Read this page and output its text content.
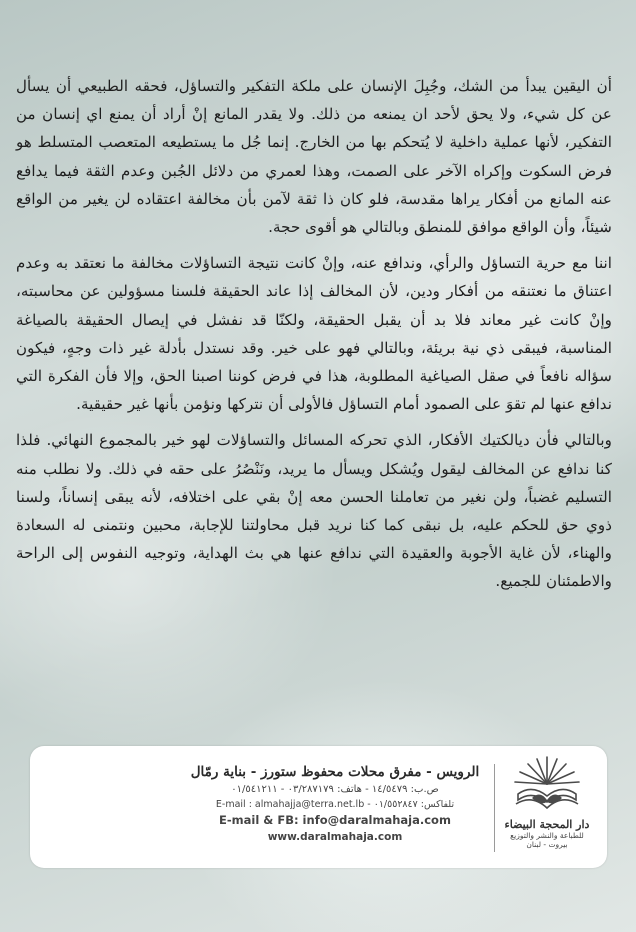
أن اليقين يبدأ من الشك، وجُبِلَ الإنسان على ملكة التفكير والتساؤل، فحقه الطبيعي أن يسأل عن كل شيء، ولا يحق لأحد ان يمنعه من ذلك. ولا يقدر المانع إنْ أراد أن يمنع اي إنسان من التفكير، لأنها عملية داخلية لا يُتحكم بها من الخارج. إنما جُل ما يستطيعه المتعصب المتسلط هو فرض السكوت وإكراه الآخر على الصمت، وهذا لعمري من دلائل الجُبن وعدم الثقة فيما يدافع عنه المانع من أفكار يراها مقدسة، فلو كان ذا ثقة لآمن بأن مخالفة اعتقاده لن يغير من الواقع شيئاً، وأن الواقع موافق للمنطق وبالتالي هو أقوى حجة.

اننا مع حرية التساؤل والرأي، وندافع عنه، وإنْ كانت نتيجة التساؤلات مخالفة ما نعتقد به وعدم اعتناق ما نعتنقه من أفكار ودين، لأن المخالف إذا عاند الحقيقة فلسنا مسؤولين عن محاسبته، وإنْ كانت غير معاند فلا بد أن يقبل الحقيقة، ولكنّا قد نفشل في إيصال الحقيقة بالصياغة المناسبة، فيبقى ذي نية بريئة، وبالتالي فهو على خير. وقد نستدل بأدلة غير ذات وجهٍ، فيكون سؤاله نافعاً في صقل الصياغية المطلوبة، هذا في فرض كوننا اصبنا الحق، وإلا فأن الفكرة التي ندافع عنها لم تقوَ على الصمود أمام التساؤل فالأولى أن نتركها ونؤمن بأنها غير حقيقية.

وبالتالي فأن ديالكتيك الأفكار، الذي تحركه المسائل والتساؤلات لهو خير بالمجموع النهائي. فلذا كنا ندافع عن المخالف ليقول ويُشكل ويسأل ما يريد، ونَنْصُرُ على حقه في ذلك. ولا نطلب منه التسليم غضباً، ولن نغير من تعاملنا الحسن معه إنْ بقي على اختلافه، لأنه يبقى إنساناً، ولسنا ذوي حق للحكم عليه، بل نبقى كما كنا نريد قبل محاولتنا للإجابة، محبين ونتمنى له السعادة والهناء، لأن غاية الأجوبة والعقيدة التي ندافع عنها هي بث الهداية، وتوجيه النفوس إلى الراحة والاطمئنان للجميع.

دار المحجة البيضاء
للطباعة والنشر والتوزيع
بيروت - لبنان
الرويس - مفرق محلات محفوظ ستورز - بناية رمّال
ص.ب: ١٤/٥٤٧٩ - هاتف: ٠٣/٢٨٧١٧٩ - ٠١/٥٤١٢١١
E-mail : almahajja@terra.net.lb تلفاكس: ٠١/٥٥٢٨٤٧ -
E-mail & FB: info@daralmahaja.com
www.daralmahaja.com
